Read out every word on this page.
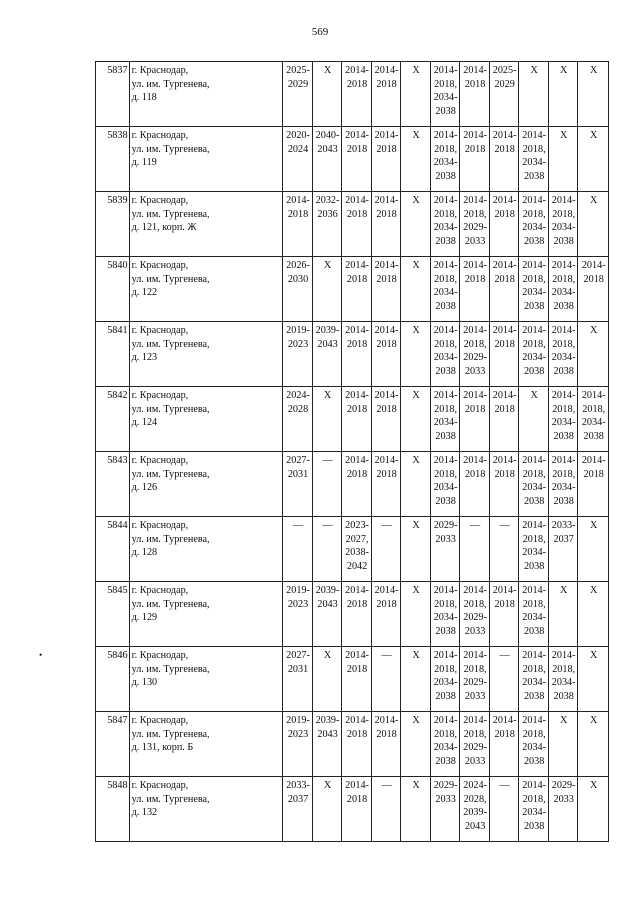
569
•
5837	г. Краснодар,
ул. им. Тургенева,
д. 118	2025-
2029	X	2014-
2018	2014-
2018	X	2014-
2018,
2034-
2038	2014-
2018	2025-
2029	X	X	X
5838	г. Краснодар,
ул. им. Тургенева,
д. 119	2020-
2024	2040-
2043	2014-
2018	2014-
2018	X	2014-
2018,
2034-
2038	2014-
2018	2014-
2018	2014-
2018,
2034-
2038	X	X
5839	г. Краснодар,
ул. им. Тургенева,
д. 121, корп. Ж	2014-
2018	2032-
2036	2014-
2018	2014-
2018	X	2014-
2018,
2034-
2038	2014-
2018,
2029-
2033	2014-
2018	2014-
2018,
2034-
2038	2014-
2018,
2034-
2038	X
5840	г. Краснодар,
ул. им. Тургенева,
д. 122	2026-
2030	X	2014-
2018	2014-
2018	X	2014-
2018,
2034-
2038	2014-
2018	2014-
2018	2014-
2018,
2034-
2038	2014-
2018,
2034-
2038	2014-
2018
5841	г. Краснодар,
ул. им. Тургенева,
д. 123	2019-
2023	2039-
2043	2014-
2018	2014-
2018	X	2014-
2018,
2034-
2038	2014-
2018,
2029-
2033	2014-
2018	2014-
2018,
2034-
2038	2014-
2018,
2034-
2038	X
5842	г. Краснодар,
ул. им. Тургенева,
д. 124	2024-
2028	X	2014-
2018	2014-
2018	X	2014-
2018,
2034-
2038	2014-
2018	2014-
2018	X	2014-
2018,
2034-
2038	2014-
2018,
2034-
2038
5843	г. Краснодар,
ул. им. Тургенева,
д. 126	2027-
2031	—	2014-
2018	2014-
2018	X	2014-
2018,
2034-
2038	2014-
2018	2014-
2018	2014-
2018,
2034-
2038	2014-
2018,
2034-
2038	2014-
2018
5844	г. Краснодар,
ул. им. Тургенева,
д. 128	—	—	2023-
2027,
2038-
2042	—	X	2029-
2033	—	—	2014-
2018,
2034-
2038	2033-
2037	X
5845	г. Краснодар,
ул. им. Тургенева,
д. 129	2019-
2023	2039-
2043	2014-
2018	2014-
2018	X	2014-
2018,
2034-
2038	2014-
2018,
2029-
2033	2014-
2018	2014-
2018,
2034-
2038	X	X
5846	г. Краснодар,
ул. им. Тургенева,
д. 130	2027-
2031	X	2014-
2018	—	X	2014-
2018,
2034-
2038	2014-
2018,
2029-
2033	—	2014-
2018,
2034-
2038	2014-
2018,
2034-
2038	X
5847	г. Краснодар,
ул. им. Тургенева,
д. 131, корп. Б	2019-
2023	2039-
2043	2014-
2018	2014-
2018	X	2014-
2018,
2034-
2038	2014-
2018,
2029-
2033	2014-
2018	2014-
2018,
2034-
2038	X	X
5848	г. Краснодар,
ул. им. Тургенева,
д. 132	2033-
2037	X	2014-
2018	—	X	2029-
2033	2024-
2028,
2039-
2043	—	2014-
2018,
2034-
2038	2029-
2033	X
